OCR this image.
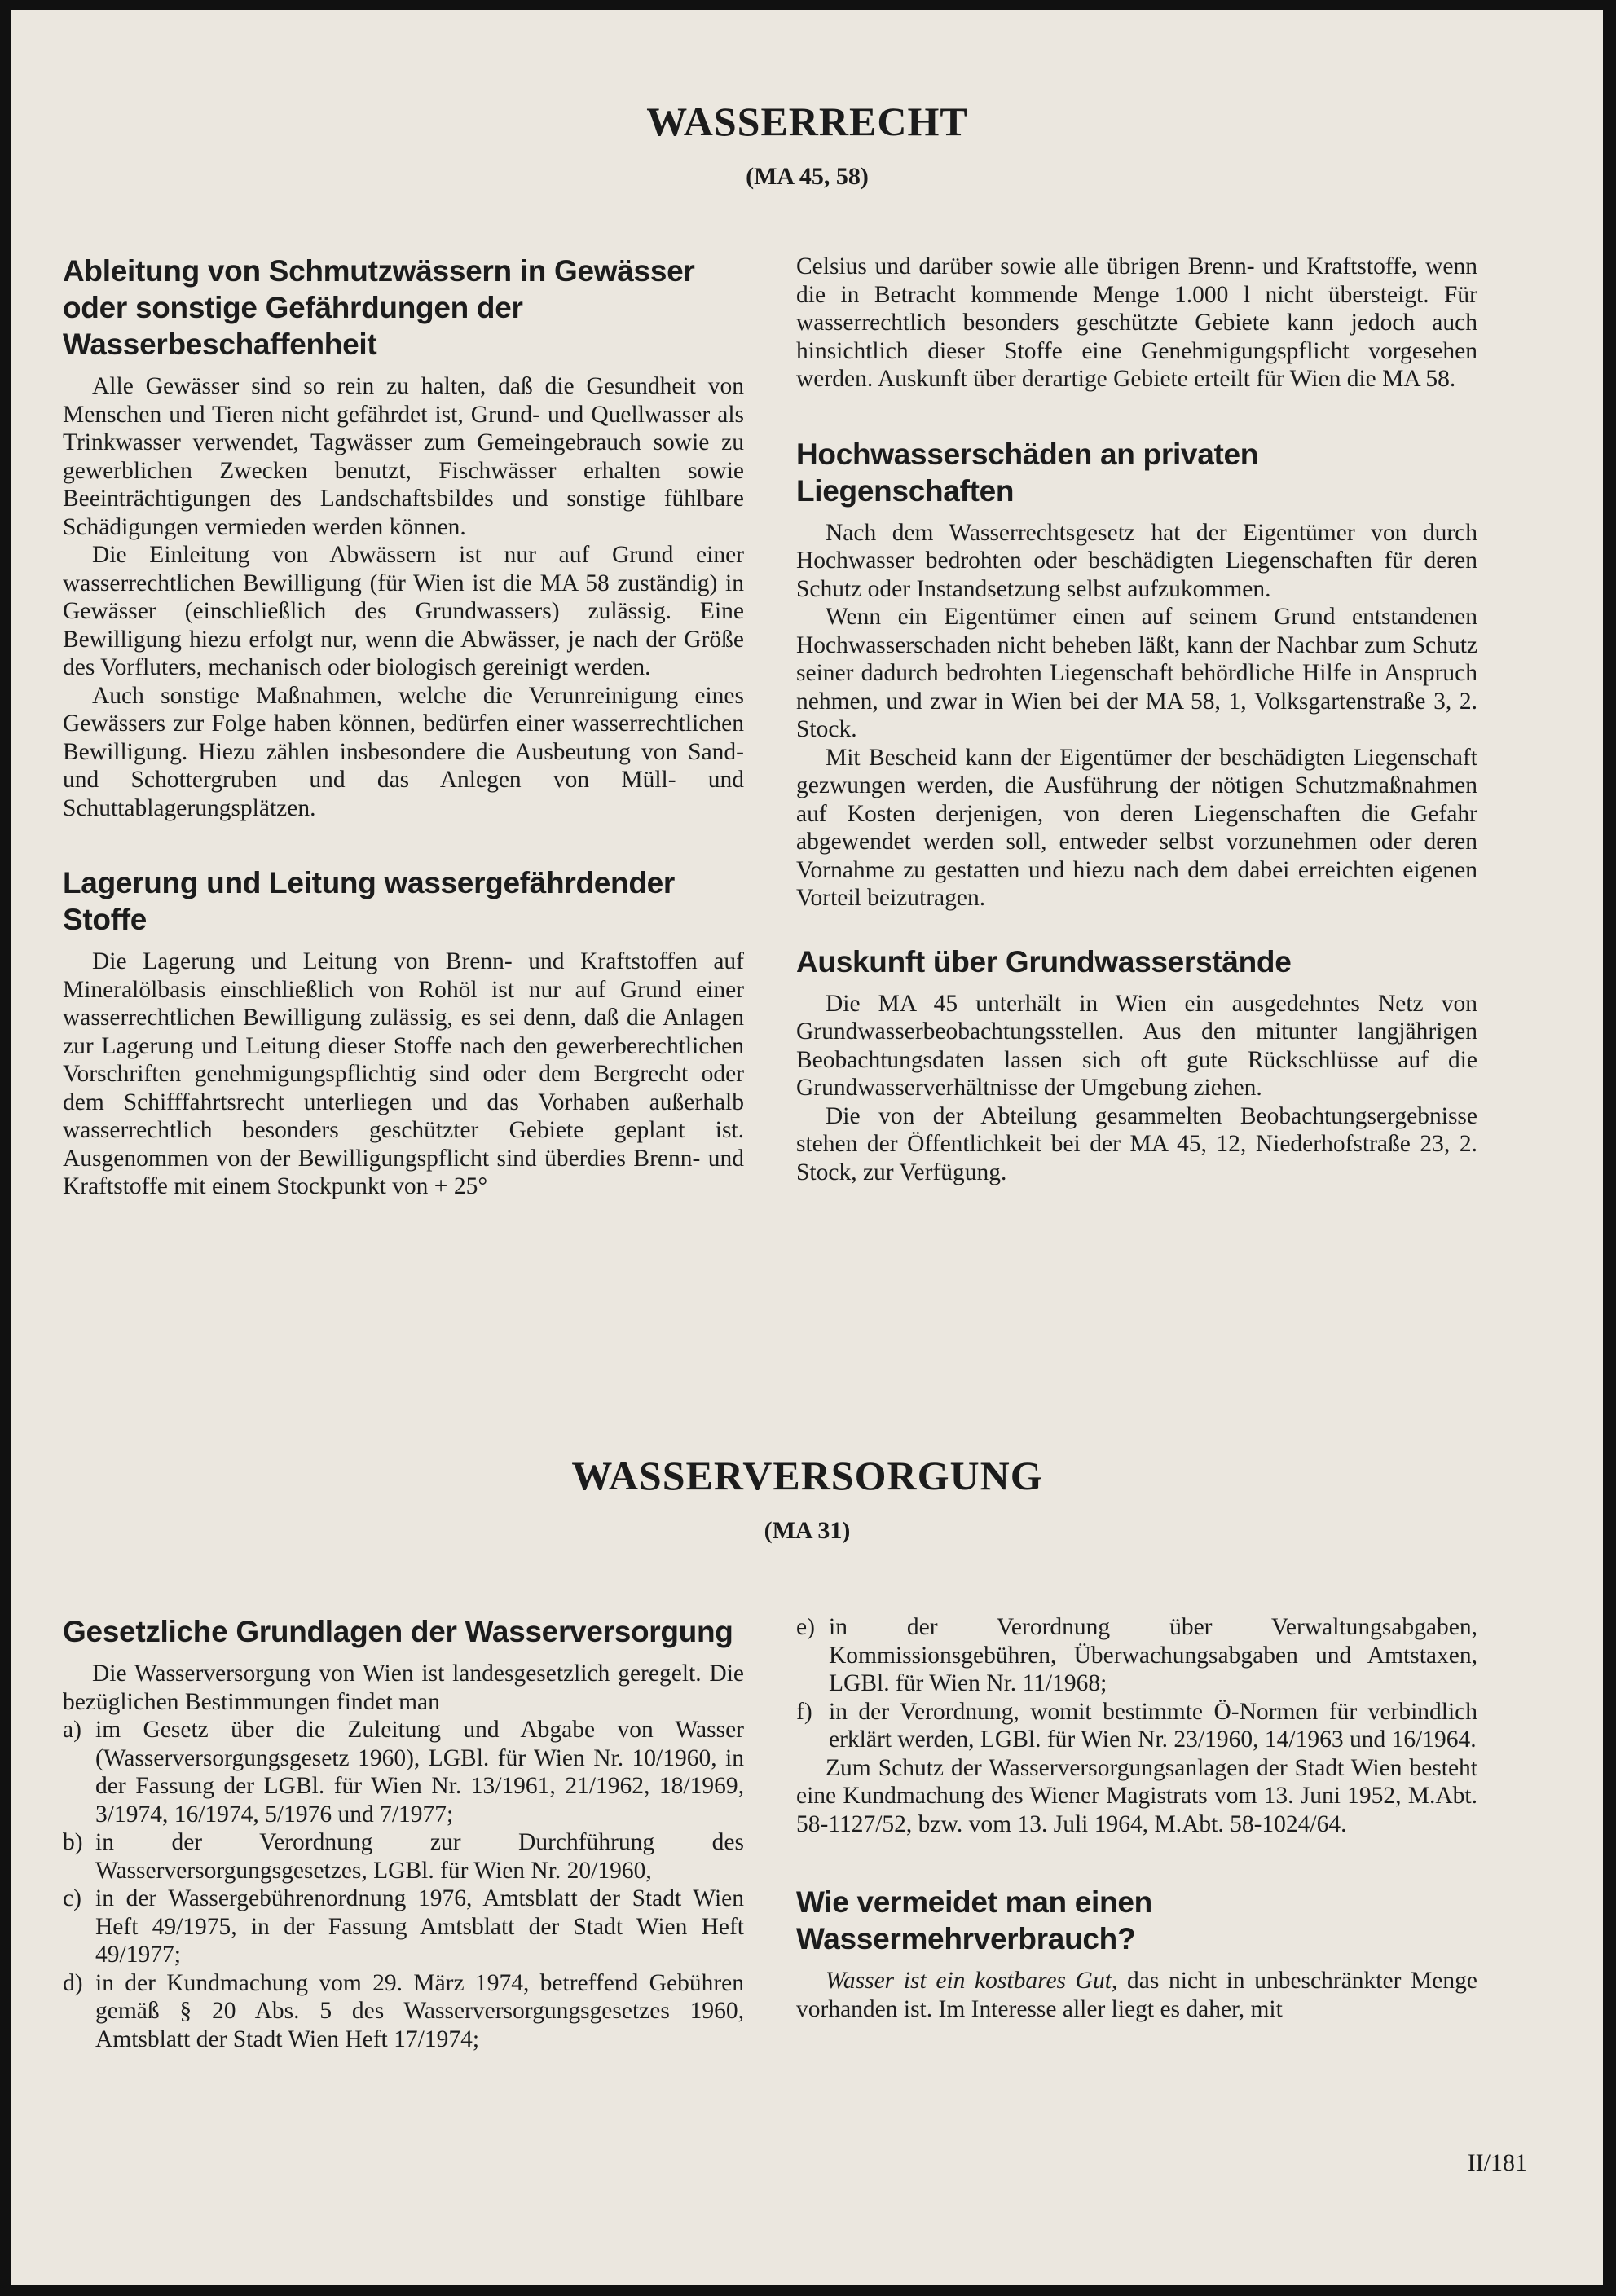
WASSERRECHT
(MA 45, 58)
Ableitung von Schmutzwässern in Gewässer oder sonstige Gefährdungen der Wasserbeschaffenheit

Alle Gewässer sind so rein zu halten, daß die Gesundheit von Menschen und Tieren nicht gefährdet ist, Grund- und Quellwasser als Trinkwasser verwendet, Tagwässer zum Gemeingebrauch sowie zu gewerblichen Zwecken benutzt, Fischwässer erhalten sowie Beeinträchtigungen des Landschaftsbildes und sonstige fühlbare Schädigungen vermieden werden können.

Die Einleitung von Abwässern ist nur auf Grund einer wasserrechtlichen Bewilligung (für Wien ist die MA 58 zuständig) in Gewässer (einschließlich des Grundwassers) zulässig. Eine Bewilligung hiezu erfolgt nur, wenn die Abwässer, je nach der Größe des Vorfluters, mechanisch oder biologisch gereinigt werden.

Auch sonstige Maßnahmen, welche die Verunreinigung eines Gewässers zur Folge haben können, bedürfen einer wasserrechtlichen Bewilligung. Hiezu zählen insbesondere die Ausbeutung von Sand- und Schottergruben und das Anlegen von Müll- und Schuttablagerungsplätzen.

Lagerung und Leitung wassergefährdender Stoffe

Die Lagerung und Leitung von Brenn- und Kraftstoffen auf Mineralölbasis einschließlich von Rohöl ist nur auf Grund einer wasserrechtlichen Bewilligung zulässig, es sei denn, daß die Anlagen zur Lagerung und Leitung dieser Stoffe nach den gewerberechtlichen Vorschriften genehmigungspflichtig sind oder dem Bergrecht oder dem Schifffahrtsrecht unterliegen und das Vorhaben außerhalb wasserrechtlich besonders geschützter Gebiete geplant ist. Ausgenommen von der Bewilligungspflicht sind überdies Brenn- und Kraftstoffe mit einem Stockpunkt von + 25°

Celsius und darüber sowie alle übrigen Brenn- und Kraftstoffe, wenn die in Betracht kommende Menge 1.000 l nicht übersteigt. Für wasserrechtlich besonders geschützte Gebiete kann jedoch auch hinsichtlich dieser Stoffe eine Genehmigungspflicht vorgesehen werden. Auskunft über derartige Gebiete erteilt für Wien die MA 58.

Hochwasserschäden an privaten Liegenschaften

Nach dem Wasserrechtsgesetz hat der Eigentümer von durch Hochwasser bedrohten oder beschädigten Liegenschaften für deren Schutz oder Instandsetzung selbst aufzukommen.

Wenn ein Eigentümer einen auf seinem Grund entstandenen Hochwasserschaden nicht beheben läßt, kann der Nachbar zum Schutz seiner dadurch bedrohten Liegenschaft behördliche Hilfe in Anspruch nehmen, und zwar in Wien bei der MA 58, 1, Volksgartenstraße 3, 2. Stock.

Mit Bescheid kann der Eigentümer der beschädigten Liegenschaft gezwungen werden, die Ausführung der nötigen Schutzmaßnahmen auf Kosten derjenigen, von deren Liegenschaften die Gefahr abgewendet werden soll, entweder selbst vorzunehmen oder deren Vornahme zu gestatten und hiezu nach dem dabei erreichten eigenen Vorteil beizutragen.

Auskunft über Grundwasserstände

Die MA 45 unterhält in Wien ein ausgedehntes Netz von Grundwasserbeobachtungsstellen. Aus den mitunter langjährigen Beobachtungsdaten lassen sich oft gute Rückschlüsse auf die Grundwasserverhältnisse der Umgebung ziehen.

Die von der Abteilung gesammelten Beobachtungsergebnisse stehen der Öffentlichkeit bei der MA 45, 12, Niederhofstraße 23, 2. Stock, zur Verfügung.

WASSERVERSORGUNG
(MA 31)
Gesetzliche Grundlagen der Wasserversorgung

Die Wasserversorgung von Wien ist landesgesetzlich geregelt. Die bezüglichen Bestimmungen findet man

a) im Gesetz über die Zuleitung und Abgabe von Wasser (Wasserversorgungsgesetz 1960), LGBl. für Wien Nr. 10/1960, in der Fassung der LGBl. für Wien Nr. 13/1961, 21/1962, 18/1969, 3/1974, 16/1974, 5/1976 und 7/1977;
b) in der Verordnung zur Durchführung des Wasserversorgungsgesetzes, LGBl. für Wien Nr. 20/1960,
c) in der Wassergebührenordnung 1976, Amtsblatt der Stadt Wien Heft 49/1975, in der Fassung Amtsblatt der Stadt Wien Heft 49/1977;
d) in der Kundmachung vom 29. März 1974, betreffend Gebühren gemäß § 20 Abs. 5 des Wasserversorgungsgesetzes 1960, Amtsblatt der Stadt Wien Heft 17/1974;
e) in der Verordnung über Verwaltungsabgaben, Kommissionsgebühren, Überwachungsabgaben und Amtstaxen, LGBl. für Wien Nr. 11/1968;
f) in der Verordnung, womit bestimmte Ö-Normen für verbindlich erklärt werden, LGBl. für Wien Nr. 23/1960, 14/1963 und 16/1964.

Zum Schutz der Wasserversorgungsanlagen der Stadt Wien besteht eine Kundmachung des Wiener Magistrats vom 13. Juni 1952, M.Abt. 58-1127/52, bzw. vom 13. Juli 1964, M.Abt. 58-1024/64.

Wie vermeidet man einen Wassermehrverbrauch?

Wasser ist ein kostbares Gut, das nicht in unbeschränkter Menge vorhanden ist. Im Interesse aller liegt es daher, mit

II/181
